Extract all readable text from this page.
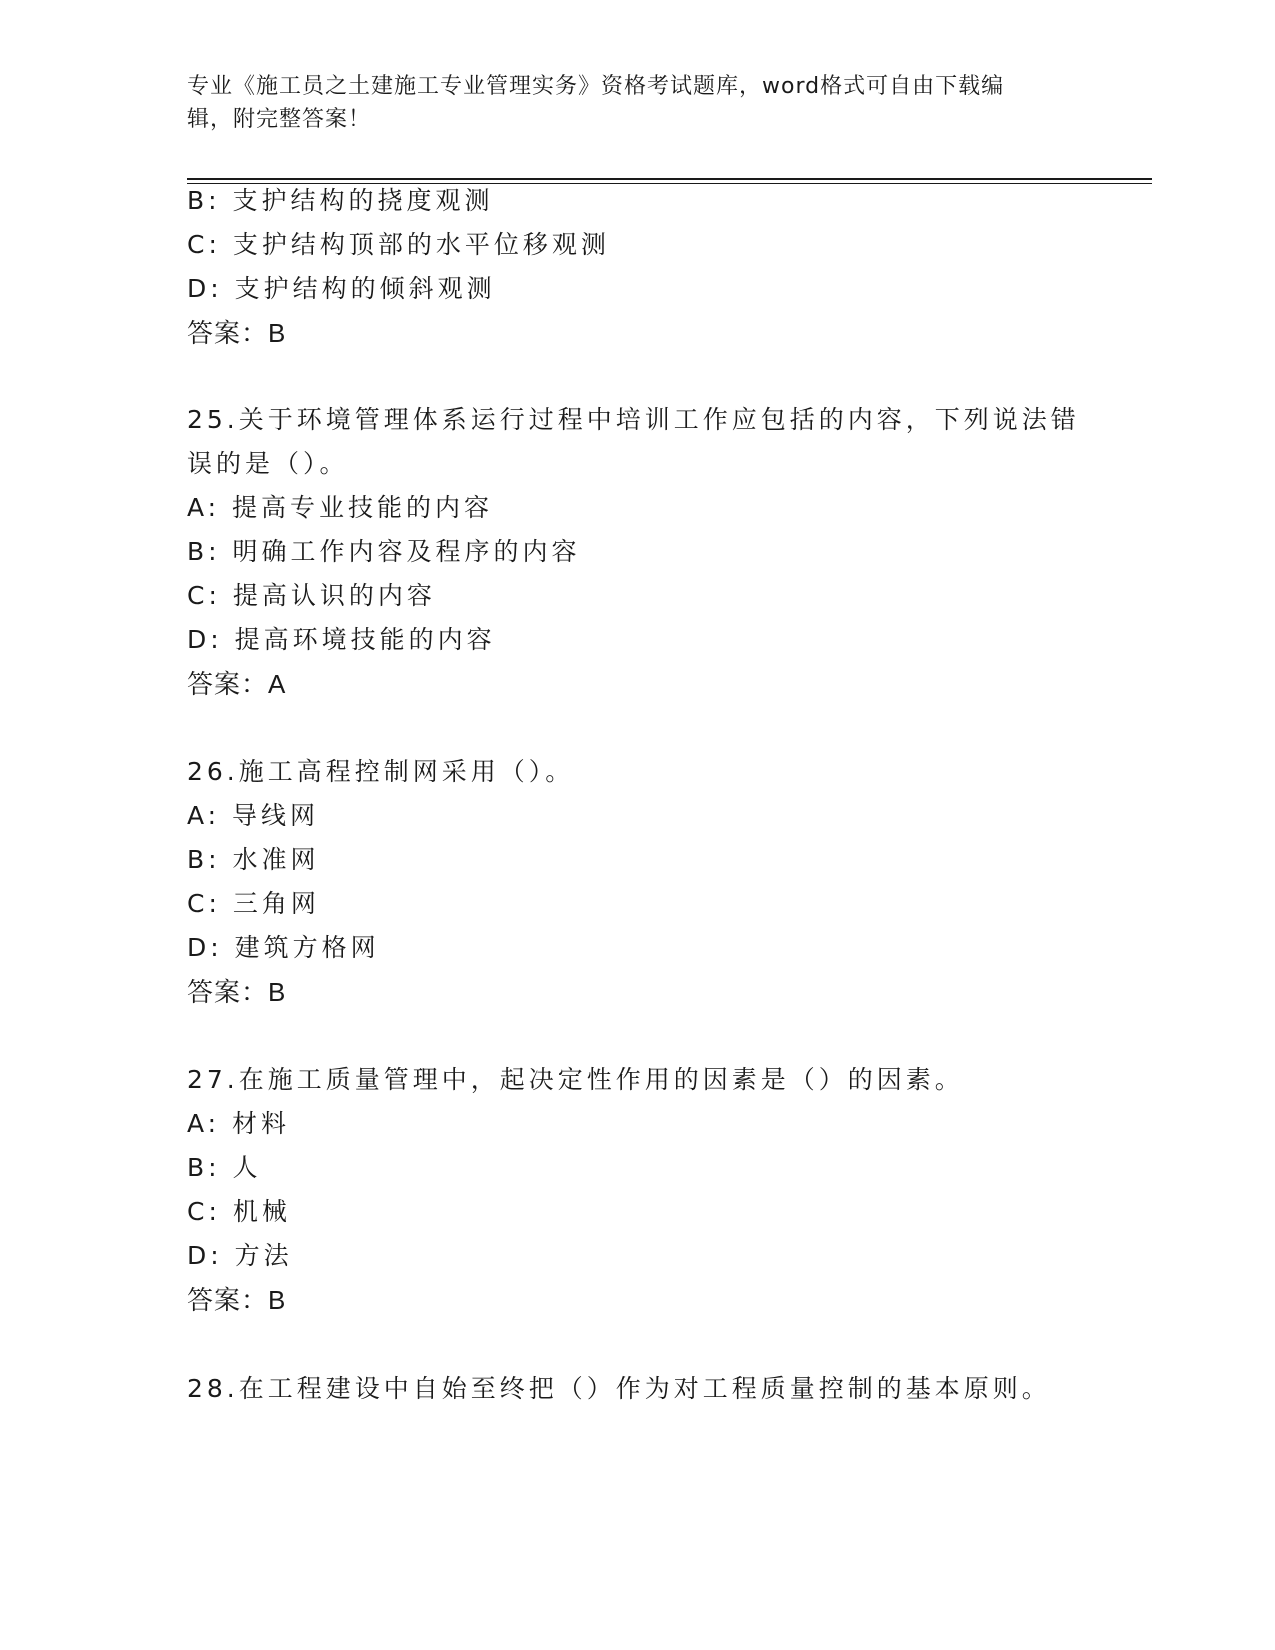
专业《施工员之土建施工专业管理实务》资格考试题库，word格式可自由下载编
辑，附完整答案！
B: 支护结构的挠度观测
C: 支护结构顶部的水平位移观测
D: 支护结构的倾斜观测
答案：B
25.关于环境管理体系运行过程中培训工作应包括的内容，下列说法错
误的是（）。
A: 提高专业技能的内容
B: 明确工作内容及程序的内容
C: 提高认识的内容
D: 提高环境技能的内容
答案：A
26.施工高程控制网采用（）。
A: 导线网
B: 水准网
C: 三角网
D: 建筑方格网
答案：B
27.在施工质量管理中，起决定性作用的因素是（）的因素。
A: 材料
B: 人
C: 机械
D: 方法
答案：B
28.在工程建设中自始至终把（）作为对工程质量控制的基本原则。
